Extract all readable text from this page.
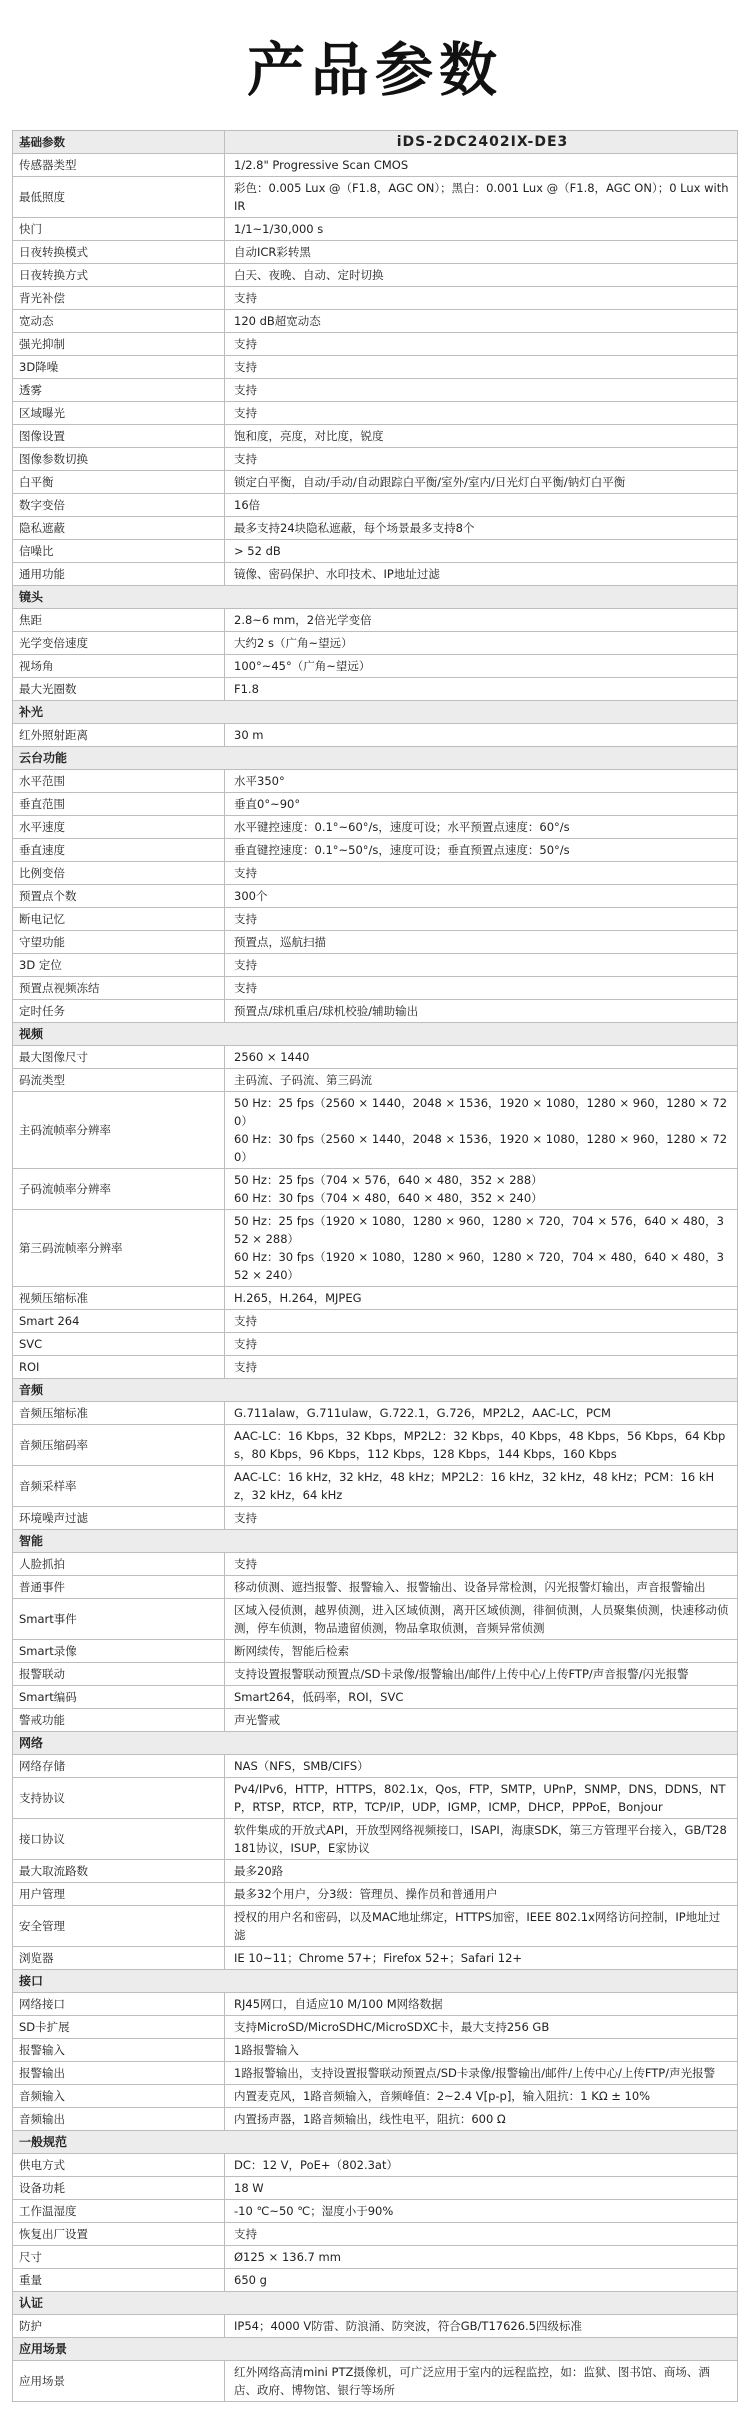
产品参数
基础参数	iDS-2DC2402IX-DE3
传感器类型	1/2.8" Progressive Scan CMOS

最低照度	彩色：0.005 Lux @（F1.8，AGC ON）；黑白：0.001 Lux @（F1.8，AGC ON）；0 Lux with IR

快门	1/1~1/30,000 s

日夜转换模式	自动ICR彩转黑

日夜转换方式	白天、夜晚、自动、定时切换

背光补偿	支持

宽动态	120 dB超宽动态

强光抑制	支持

3D降噪	支持

透雾	支持

区域曝光	支持

图像设置	饱和度，亮度，对比度，锐度

图像参数切换	支持

白平衡	锁定白平衡，自动/手动/自动跟踪白平衡/室外/室内/日光灯白平衡/钠灯白平衡

数字变倍	16倍

隐私遮蔽	最多支持24块隐私遮蔽，每个场景最多支持8个

信噪比	> 52 dB

通用功能	镜像、密码保护、水印技术、IP地址过滤

镜头	
焦距	2.8~6 mm，2倍光学变倍

光学变倍速度	大约2 s（广角~望远）

视场角	100°~45°（广角~望远）

最大光圈数	F1.8

补光	
红外照射距离	30 m

云台功能	
水平范围	水平350°

垂直范围	垂直0°~90°

水平速度	水平键控速度：0.1°~60°/s，速度可设；水平预置点速度：60°/s

垂直速度	垂直键控速度：0.1°~50°/s，速度可设；垂直预置点速度：50°/s

比例变倍	支持

预置点个数	300个

断电记忆	支持

守望功能	预置点，巡航扫描

3D 定位	支持

预置点视频冻结	支持

定时任务	预置点/球机重启/球机校验/辅助输出

视频	
最大图像尺寸	2560 × 1440

码流类型	主码流、子码流、第三码流

主码流帧率分辨率	50 Hz：25 fps（2560 × 1440，2048 × 1536，1920 × 1080，1280 × 960，1280 × 720）
60 Hz：30 fps（2560 × 1440，2048 × 1536，1920 × 1080，1280 × 960，1280 × 720）

子码流帧率分辨率	50 Hz：25 fps（704 × 576，640 × 480，352 × 288）
60 Hz：30 fps（704 × 480，640 × 480，352 × 240）

第三码流帧率分辨率	50 Hz：25 fps（1920 × 1080，1280 × 960，1280 × 720，704 × 576，640 × 480，352 × 288）
60 Hz：30 fps（1920 × 1080，1280 × 960，1280 × 720，704 × 480，640 × 480，352 × 240）

视频压缩标准	H.265，H.264，MJPEG

Smart 264	支持

SVC	支持

ROI	支持

音频	
音频压缩标准	G.711alaw，G.711ulaw，G.722.1，G.726，MP2L2，AAC-LC，PCM

音频压缩码率	AAC-LC：16 Kbps，32 Kbps，MP2L2：32 Kbps，40 Kbps，48 Kbps，56 Kbps，64 Kbps，80 Kbps，96 Kbps，112 Kbps，128 Kbps，144 Kbps，160 Kbps

音频采样率	AAC-LC：16 kHz，32 kHz，48 kHz；MP2L2：16 kHz，32 kHz，48 kHz；PCM：16 kHz，32 kHz，64 kHz

环境噪声过滤	支持

智能	
人脸抓拍	支持

普通事件	移动侦测、遮挡报警、报警输入、报警输出、设备异常检测，闪光报警灯输出，声音报警输出

Smart事件	区域入侵侦测，越界侦测，进入区域侦测，离开区域侦测，徘徊侦测，人员聚集侦测，快速移动侦测，停车侦测，物品遗留侦测，物品拿取侦测，音频异常侦测

Smart录像	断网续传，智能后检索

报警联动	支持设置报警联动预置点/SD卡录像/报警输出/邮件/上传中心/上传FTP/声音报警/闪光报警

Smart编码	Smart264，低码率，ROI，SVC

警戒功能	声光警戒

网络	
网络存储	NAS（NFS，SMB/CIFS）

支持协议	Pv4/IPv6，HTTP，HTTPS，802.1x，Qos，FTP，SMTP，UPnP，SNMP，DNS，DDNS，NTP，RTSP，RTCP，RTP，TCP/IP，UDP，IGMP，ICMP，DHCP，PPPoE，Bonjour

接口协议	软件集成的开放式API，开放型网络视频接口，ISAPI，海康SDK，第三方管理平台接入，GB/T28181协议，ISUP，E家协议

最大取流路数	最多20路

用户管理	最多32个用户，分3级：管理员、操作员和普通用户

安全管理	授权的用户名和密码，以及MAC地址绑定，HTTPS加密，IEEE 802.1x网络访问控制，IP地址过滤

浏览器	IE 10~11；Chrome 57+；Firefox 52+；Safari 12+

接口	
网络接口	RJ45网口，自适应10 M/100 M网络数据

SD卡扩展	支持MicroSD/MicroSDHC/MicroSDXC卡，最大支持256 GB

报警输入	1路报警输入

报警输出	1路报警输出，支持设置报警联动预置点/SD卡录像/报警输出/邮件/上传中心/上传FTP/声光报警

音频输入	内置麦克风，1路音频输入，音频峰值：2~2.4 V[p-p]，输入阻抗：1 KΩ ± 10%

音频输出	内置扬声器，1路音频输出，线性电平，阻抗：600 Ω

一般规范	
供电方式	DC：12 V，PoE+（802.3at）

设备功耗	18 W

工作温湿度	-10 ℃~50 ℃；湿度小于90%

恢复出厂设置	支持

尺寸	Ø125 × 136.7 mm

重量	650 g

认证	
防护	IP54；4000 V防雷、防浪涌、防突波，符合GB/T17626.5四级标准

应用场景	
应用场景	红外网络高清mini PTZ摄像机，可广泛应用于室内的远程监控，如：监狱、图书馆、商场、酒店、政府、博物馆、银行等场所
